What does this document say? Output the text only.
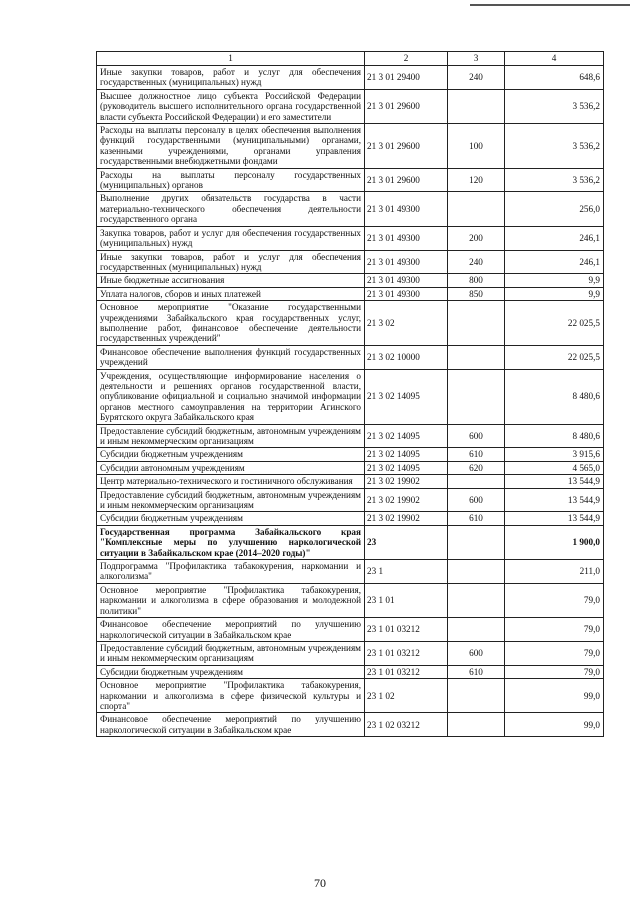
1	2	3	4
Иные закупки товаров, работ и услуг для обеспечения государственных (муниципальных) нужд	21 3 01 29400	240	648,6
Высшее должностное лицо субъекта Российской Федерации (руководитель высшего исполнительного органа государственной власти субъекта Российской Федерации) и его заместители	21 3 01 29600		3 536,2
Расходы на выплаты персоналу в целях обеспечения выполнения функций государственными (муниципальными) органами, казенными учреждениями, органами управления государственными внебюджетными фондами	21 3 01 29600	100	3 536,2
Расходы на выплаты персоналу государственных (муниципальных) органов	21 3 01 29600	120	3 536,2
Выполнение других обязательств государства в части материально-технического обеспечения деятельности государственного органа	21 3 01 49300		256,0
Закупка товаров, работ и услуг для обеспечения государственных (муниципальных) нужд	21 3 01 49300	200	246,1
Иные закупки товаров, работ и услуг для обеспечения государственных (муниципальных) нужд	21 3 01 49300	240	246,1
Иные бюджетные ассигнования	21 3 01 49300	800	9,9
Уплата налогов, сборов и иных платежей	21 3 01 49300	850	9,9
Основное мероприятие "Оказание государственными учреждениями Забайкальского края государственных услуг, выполнение работ, финансовое обеспечение деятельности государственных учреждений"	21 3 02		22 025,5
Финансовое обеспечение выполнения функций государственных учреждений	21 3 02 10000		22 025,5
Учреждения, осуществляющие информирование населения о деятельности и решениях органов государственной власти, опубликование официальной и социально значимой информации органов местного самоуправления на территории Агинского Бурятского округа Забайкальского края	21 3 02 14095		8 480,6
Предоставление субсидий бюджетным, автономным учреждениям и иным некоммерческим организациям	21 3 02 14095	600	8 480,6
Субсидии бюджетным учреждениям	21 3 02 14095	610	3 915,6
Субсидии автономным учреждениям	21 3 02 14095	620	4 565,0
Центр материально-технического и гостиничного обслуживания	21 3 02 19902		13 544,9
Предоставление субсидий бюджетным, автономным учреждениям и иным некоммерческим организациям	21 3 02 19902	600	13 544,9
Субсидии бюджетным учреждениям	21 3 02 19902	610	13 544,9
Государственная программа Забайкальского края "Комплексные меры по улучшению наркологической ситуации в Забайкальском крае (2014–2020 годы)"	23		1 900,0
Подпрограмма "Профилактика табакокурения, наркомании и алкоголизма"	23 1		211,0
Основное мероприятие "Профилактика табакокурения, наркомании и алкоголизма в сфере образования и молодежной политики"	23 1 01		79,0
Финансовое обеспечение мероприятий по улучшению наркологической ситуации в Забайкальском крае	23 1 01 03212		79,0
Предоставление субсидий бюджетным, автономным учреждениям и иным некоммерческим организациям	23 1 01 03212	600	79,0
Субсидии бюджетным учреждениям	23 1 01 03212	610	79,0
Основное мероприятие "Профилактика табакокурения, наркомании и алкоголизма в сфере физической культуры и спорта"	23 1 02		99,0
Финансовое обеспечение мероприятий по улучшению наркологической ситуации в Забайкальском крае	23 1 02 03212		99,0
70
